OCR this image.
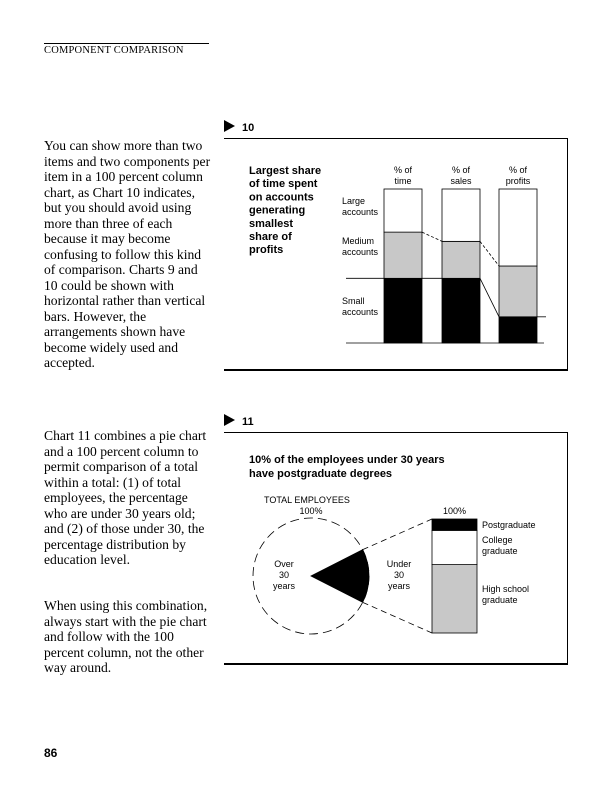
COMPONENT COMPARISON

You can show more than two items and two components per item in a 100 percent column chart, as Chart 10 indicates, but you should avoid using more than three of each because it may become confusing to follow this kind of comparison. Charts 9 and 10 could be shown with horizontal rather than vertical bars. However, the arrangements shown have become widely used and accepted.

Chart 11 combines a pie chart and a 100 percent column to permit comparison of a total within a total: (1) of total employees, the percentage who are under 30 years old; and (2) of those under 30, the percentage distribution by education level.

When using this combination, always start with the pie chart and follow with the 100 percent column, not the other way around.

10
Largest share
of time spent
on accounts
generating
smallest
share of
profits
% of
time
% of
sales
% of
profits
Small
accounts
Medium
accounts
Large
accounts
11
10% of the employees under 30 years
have postgraduate degrees
TOTAL EMPLOYEES
100%
Over
30
years
Under
30
years
100%
High school
graduate
College
graduate
Postgraduate
86
